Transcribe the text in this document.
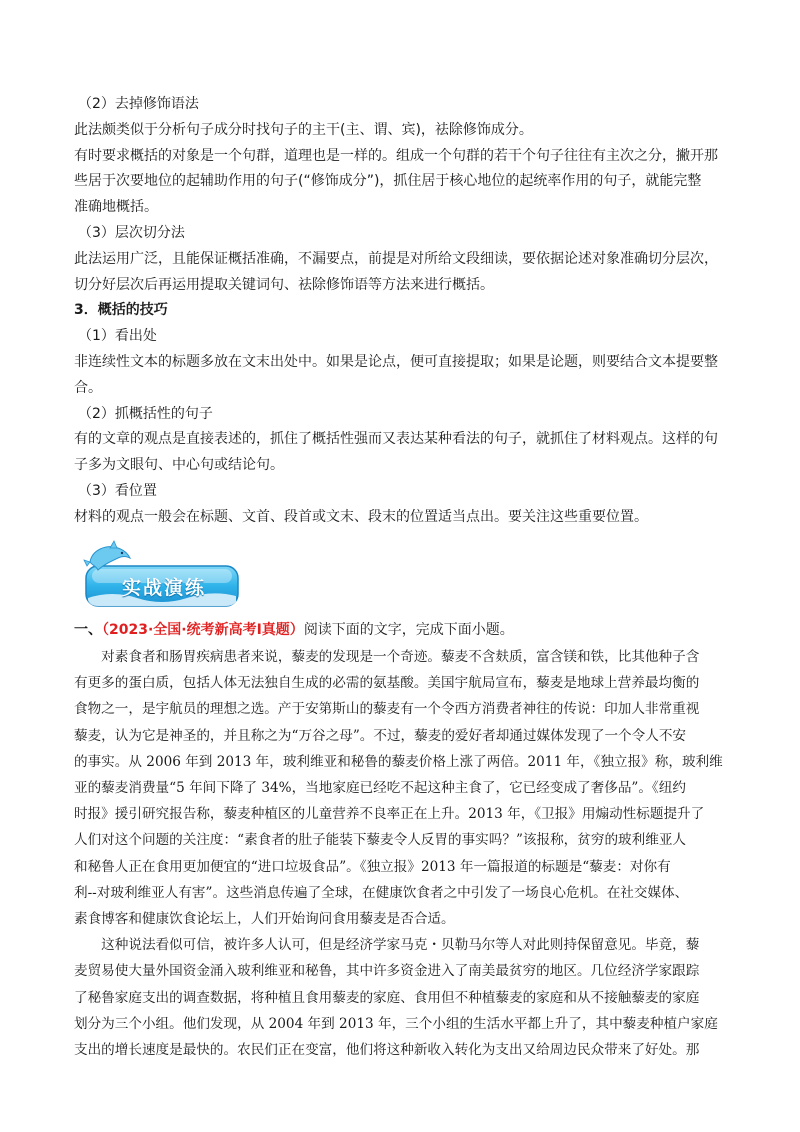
（2）去掉修饰语法

此法颇类似于分析句子成分时找句子的主干(主、谓、宾)，祛除修饰成分。

有时要求概括的对象是一个句群，道理也是一样的。组成一个句群的若干个句子往往有主次之分，撇开那

些居于次要地位的起辅助作用的句子(“修饰成分”)，抓住居于核心地位的起统率作用的句子，就能完整

准确地概括。

（3）层次切分法

此法运用广泛，且能保证概括准确，不漏要点，前提是对所给文段细读，要依据论述对象准确切分层次，

切分好层次后再运用提取关键词句、祛除修饰语等方法来进行概括。

3．概括的技巧

（1）看出处

非连续性文本的标题多放在文末出处中。如果是论点，便可直接提取；如果是论题，则要结合文本提要整

合。

（2）抓概括性的句子

有的文章的观点是直接表述的，抓住了概括性强而又表达某种看法的句子，就抓住了材料观点。这样的句

子多为文眼句、中心句或结论句。

（3）看位置

材料的观点一般会在标题、文首、段首或文末、段末的位置适当点出。要关注这些重要位置。

实战演练
一、（2023·全国·统考新高考Ⅰ真题）阅读下面的文字，完成下面小题。

　　对素食者和肠胃疾病患者来说，藜麦的发现是一个奇迹。藜麦不含麸质，富含镁和铁，比其他种子含

有更多的蛋白质，包括人体无法独自生成的必需的氨基酸。美国宇航局宣布，藜麦是地球上营养最均衡的

食物之一，是宇航员的理想之选。产于安第斯山的藜麦有一个令西方消费者神往的传说：印加人非常重视

藜麦，认为它是神圣的，并且称之为“万谷之母”。不过，藜麦的爱好者却通过媒体发现了一个令人不安

的事实。从 2006 年到 2013 年，玻利维亚和秘鲁的藜麦价格上涨了两倍。2011 年，《独立报》称，玻利维

亚的藜麦消费量“5 年间下降了 34%，当地家庭已经吃不起这种主食了，它已经变成了奢侈品”。《纽约

时报》援引研究报告称，藜麦种植区的儿童营养不良率正在上升。2013 年，《卫报》用煽动性标题提升了

人们对这个问题的关注度：“素食者的肚子能装下藜麦令人反胃的事实吗？”该报称，贫穷的玻利维亚人

和秘鲁人正在食用更加便宜的“进口垃圾食品”。《独立报》2013 年一篇报道的标题是“藜麦：对你有

利--对玻利维亚人有害”。这些消息传遍了全球，在健康饮食者之中引发了一场良心危机。在社交媒体、

素食博客和健康饮食论坛上，人们开始询问食用藜麦是否合适。

　　这种说法看似可信，被许多人认可，但是经济学家马克・贝勒马尔等人对此则持保留意见。毕竟，藜

麦贸易使大量外国资金涌入玻利维亚和秘鲁，其中许多资金进入了南美最贫穷的地区。几位经济学家跟踪

了秘鲁家庭支出的调查数据，将种植且食用藜麦的家庭、食用但不种植藜麦的家庭和从不接触藜麦的家庭

划分为三个小组。他们发现，从 2004 年到 2013 年，三个小组的生活水平都上升了，其中藜麦种植户家庭

支出的增长速度是最快的。农民们正在变富，他们将这种新收入转化为支出又给周边民众带来了好处。那
